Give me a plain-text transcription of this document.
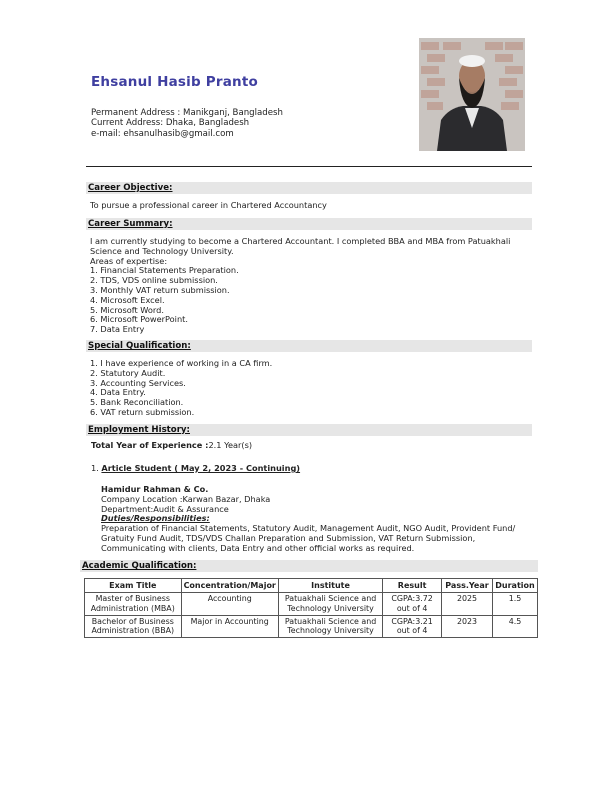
Ehsanul Hasib Pranto
Permanent Address : Manikganj, Bangladesh
Current Address: Dhaka, Bangladesh
e-mail: ehsanulhasib@gmail.com
Career Objective:
To pursue a professional career in Chartered Accountancy
Career Summary:
I am currently studying to become a Chartered Accountant. I completed BBA and MBA from Patuakhali
Science and Technology University.
Areas of expertise:
1. Financial Statements Preparation.
2. TDS, VDS online submission.
3. Monthly VAT return submission.
4. Microsoft Excel.
5. Microsoft Word.
6. Microsoft PowerPoint.
7. Data Entry
Special Qualification:
1. I have experience of working in a CA firm.
2. Statutory Audit.
3. Accounting Services.
4. Data Entry.
5. Bank Reconciliation.
6. VAT return submission.
Employment History:
Total Year of Experience :2.1 Year(s)
1. Article Student ( May 2, 2023 - Continuing)
Hamidur Rahman & Co.
Company Location :Karwan Bazar, Dhaka
Department:Audit & Assurance
Duties/Responsibilities:
Preparation of Financial Statements, Statutory Audit, Management Audit, NGO Audit, Provident Fund/
Gratuity Fund Audit, TDS/VDS Challan Preparation and Submission, VAT Return Submission,
Communicating with clients, Data Entry and other official works as required.
Academic Qualification:
Exam Title	Concentration/Major	Institute	Result	Pass.Year	Duration
Master of Business Administration (MBA)	Accounting	Patuakhali Science and Technology University	CGPA:3.72 out of 4	2025	1.5
Bachelor of Business Administration (BBA)	Major in Accounting	Patuakhali Science and Technology University	CGPA:3.21 out of 4	2023	4.5
